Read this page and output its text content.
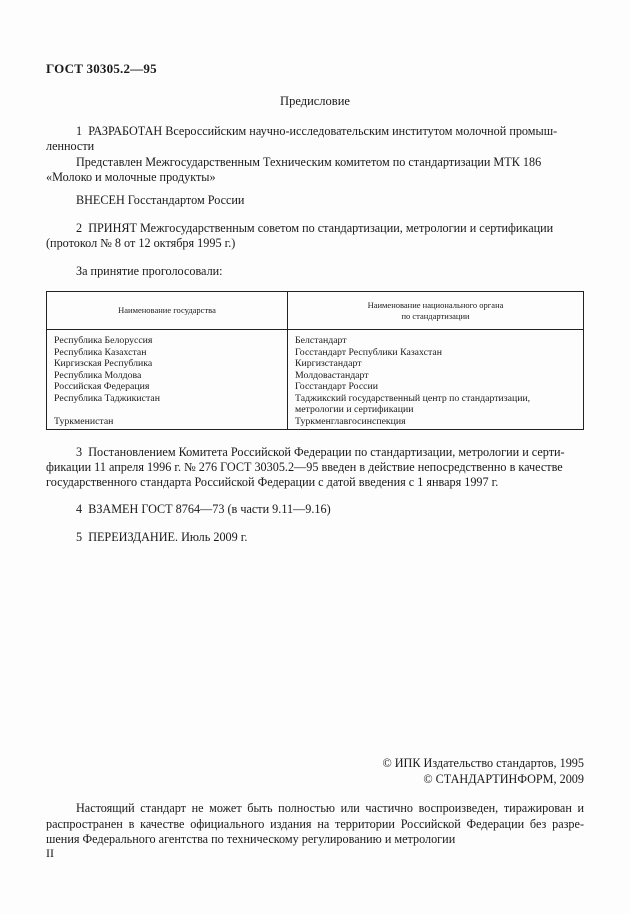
ГОСТ 30305.2—95
Предисловие
1 РАЗРАБОТАН Всероссийским научно-исследовательским институтом молочной промыш-
ленности
Представлен Межгосударственным Техническим комитетом по стандартизации МТК 186
«Молоко и молочные продукты»
ВНЕСЕН Госстандартом России
2 ПРИНЯТ Межгосударственным советом по стандартизации, метрологии и сертификации
(протокол № 8 от 12 октября 1995 г.)
За принятие проголосовали:
Наименование государства	Наименование национального органа
по стандартизации

Республика Белоруссия	Белстандарт
Республика Казахстан	Госстандарт Республики Казахстан
Киргизская Республика	Киргизстандарт
Республика Молдова	Молдовастандарт
Российская Федерация	Госстандарт России
Республика Таджикистан	Таджикский государственный центр по стандартизации,
метрологии и сертификации

Туркменистан	Туркменглавгосинспекция
3 Постановлением Комитета Российской Федерации по стандартизации, метрологии и серти-
фикации 11 апреля 1996 г. № 276 ГОСТ 30305.2—95 введен в действие непосредственно в качестве
государственного стандарта Российской Федерации с датой введения с 1 января 1997 г.
4 ВЗАМЕН ГОСТ 8764—73 (в части 9.11—9.16)
5 ПЕРЕИЗДАНИЕ. Июль 2009 г.
© ИПК Издательство стандартов, 1995
© СТАНДАРТИНФОРМ, 2009
Настоящий стандарт не может быть полностью или частично воспроизведен, тиражирован и распространен в качестве официального издания на территории Российской Федерации без разре- шения Федерального агентства по техническому регулированию и метрологии
II
